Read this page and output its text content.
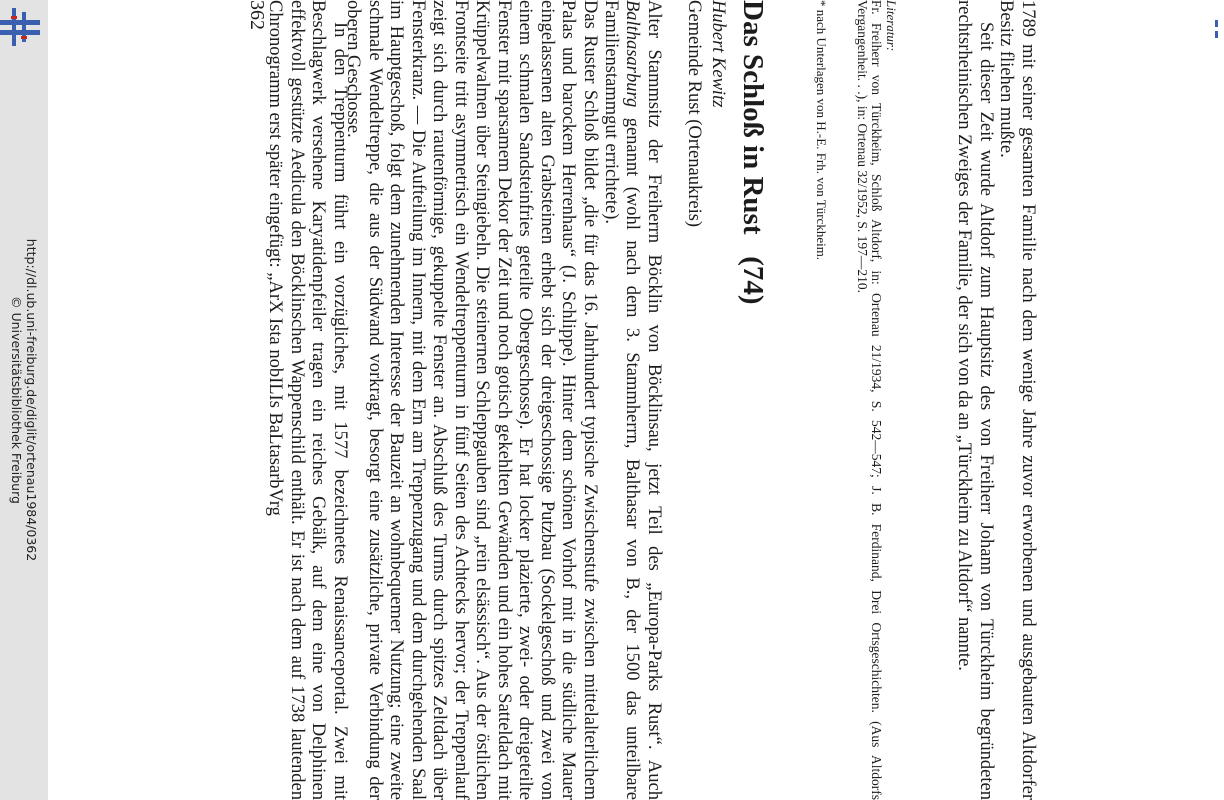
http://dl.ub.uni-freiburg.de/diglit/ortenau1984/0362
© Universitätsbibliothek Freiburg	1789 mit seiner gesamten Familie nach dem wenige Jahre zuvor erworbenen und ausgebauten Altdorfer Besitz fliehen mußte.

Seit dieser Zeit wurde Altdorf zum Hauptsitz des von Freiherr Johann von Türckheim begründeten rechtsrheinischen Zweiges der Familie, der sich von da an „Türckheim zu Altdorf“ nannte.

Literatur:

Fr. Freiherr von Türckheim, Schloß Altdorf, in: Ortenau 21/1934, S. 542—547; J. B. Ferdinand, Drei Ortsgeschichten. (Aus Altdorfs Vergangenheit. . .), in: Ortenau 32/1952, S. 197—210.

* nach Unterlagen von H.-E. Frh. von Türckheim.
Das Schloß in Rust   (74)
Hubert Kewitz
Gemeinde Rust (Ortenaukreis)

Alter Stammsitz der Freiherrn Böcklin von Böcklinsau, jetzt Teil des „Europa-Parks Rust“. Auch Balthasarburg genannt (wohl nach dem 3. Stammherrn, Balthasar von B., der 1500 das unteilbare Familienstammgut errichtete).

Das Ruster Schloß bildet „die für das 16. Jahrhundert typische Zwischenstufe zwischen mittelalterlichem Palas und barockem Herrenhaus“ (J. Schlippe). Hinter dem schönen Vorhof mit in die südliche Mauer eingelassenen alten Grabsteinen erhebt sich der dreigeschossige Putzbau (Sockelgeschoß und zwei von einem schmalen Sandsteinfries geteilte Obergeschosse). Er hat locker plazierte, zwei- oder dreigeteilte Fenster mit sparsamem Dekor der Zeit und noch gotisch gekehlten Gewänden und ein hohes Satteldach mit Krüppelwalmen über Steingiebeln. Die steinernen Schleppgauben sind „rein elsässisch“. Aus der östlichen Frontseite tritt asymmetrisch ein Wendeltreppenturm in fünf Seiten des Achtecks hervor; der Treppenlauf zeigt sich durch rautenförmige, gekuppelte Fenster an. Abschluß des Turms durch spitzes Zeltdach über Fensterkranz. — Die Aufteilung im Innern, mit dem Ern am Treppenzugang und dem durchgehenden Saal im Hauptgeschoß, folgt dem zunehmenden Interesse der Bauzeit an wohnbequemer Nutzung; eine zweite schmale Wendeltreppe, die aus der Südwand vorkragt, besorgt eine zusätzliche, private Verbindung der oberen Geschosse.

In den Treppenturm führt ein vorzügliches, mit 1577 bezeichnetes Renaissanceportal. Zwei mit Beschlagwerk versehene Karyatidenpfeiler tragen ein reiches Gebälk, auf dem eine von Delphinen effektvoll gestützte Aedicula den Böcklinschen Wappenschild enthält. Er ist nach dem auf 1738 lautenden Chronogramm erst später eingefügt: „ArX Ista nobILIs BaLtasarbVrg

362
